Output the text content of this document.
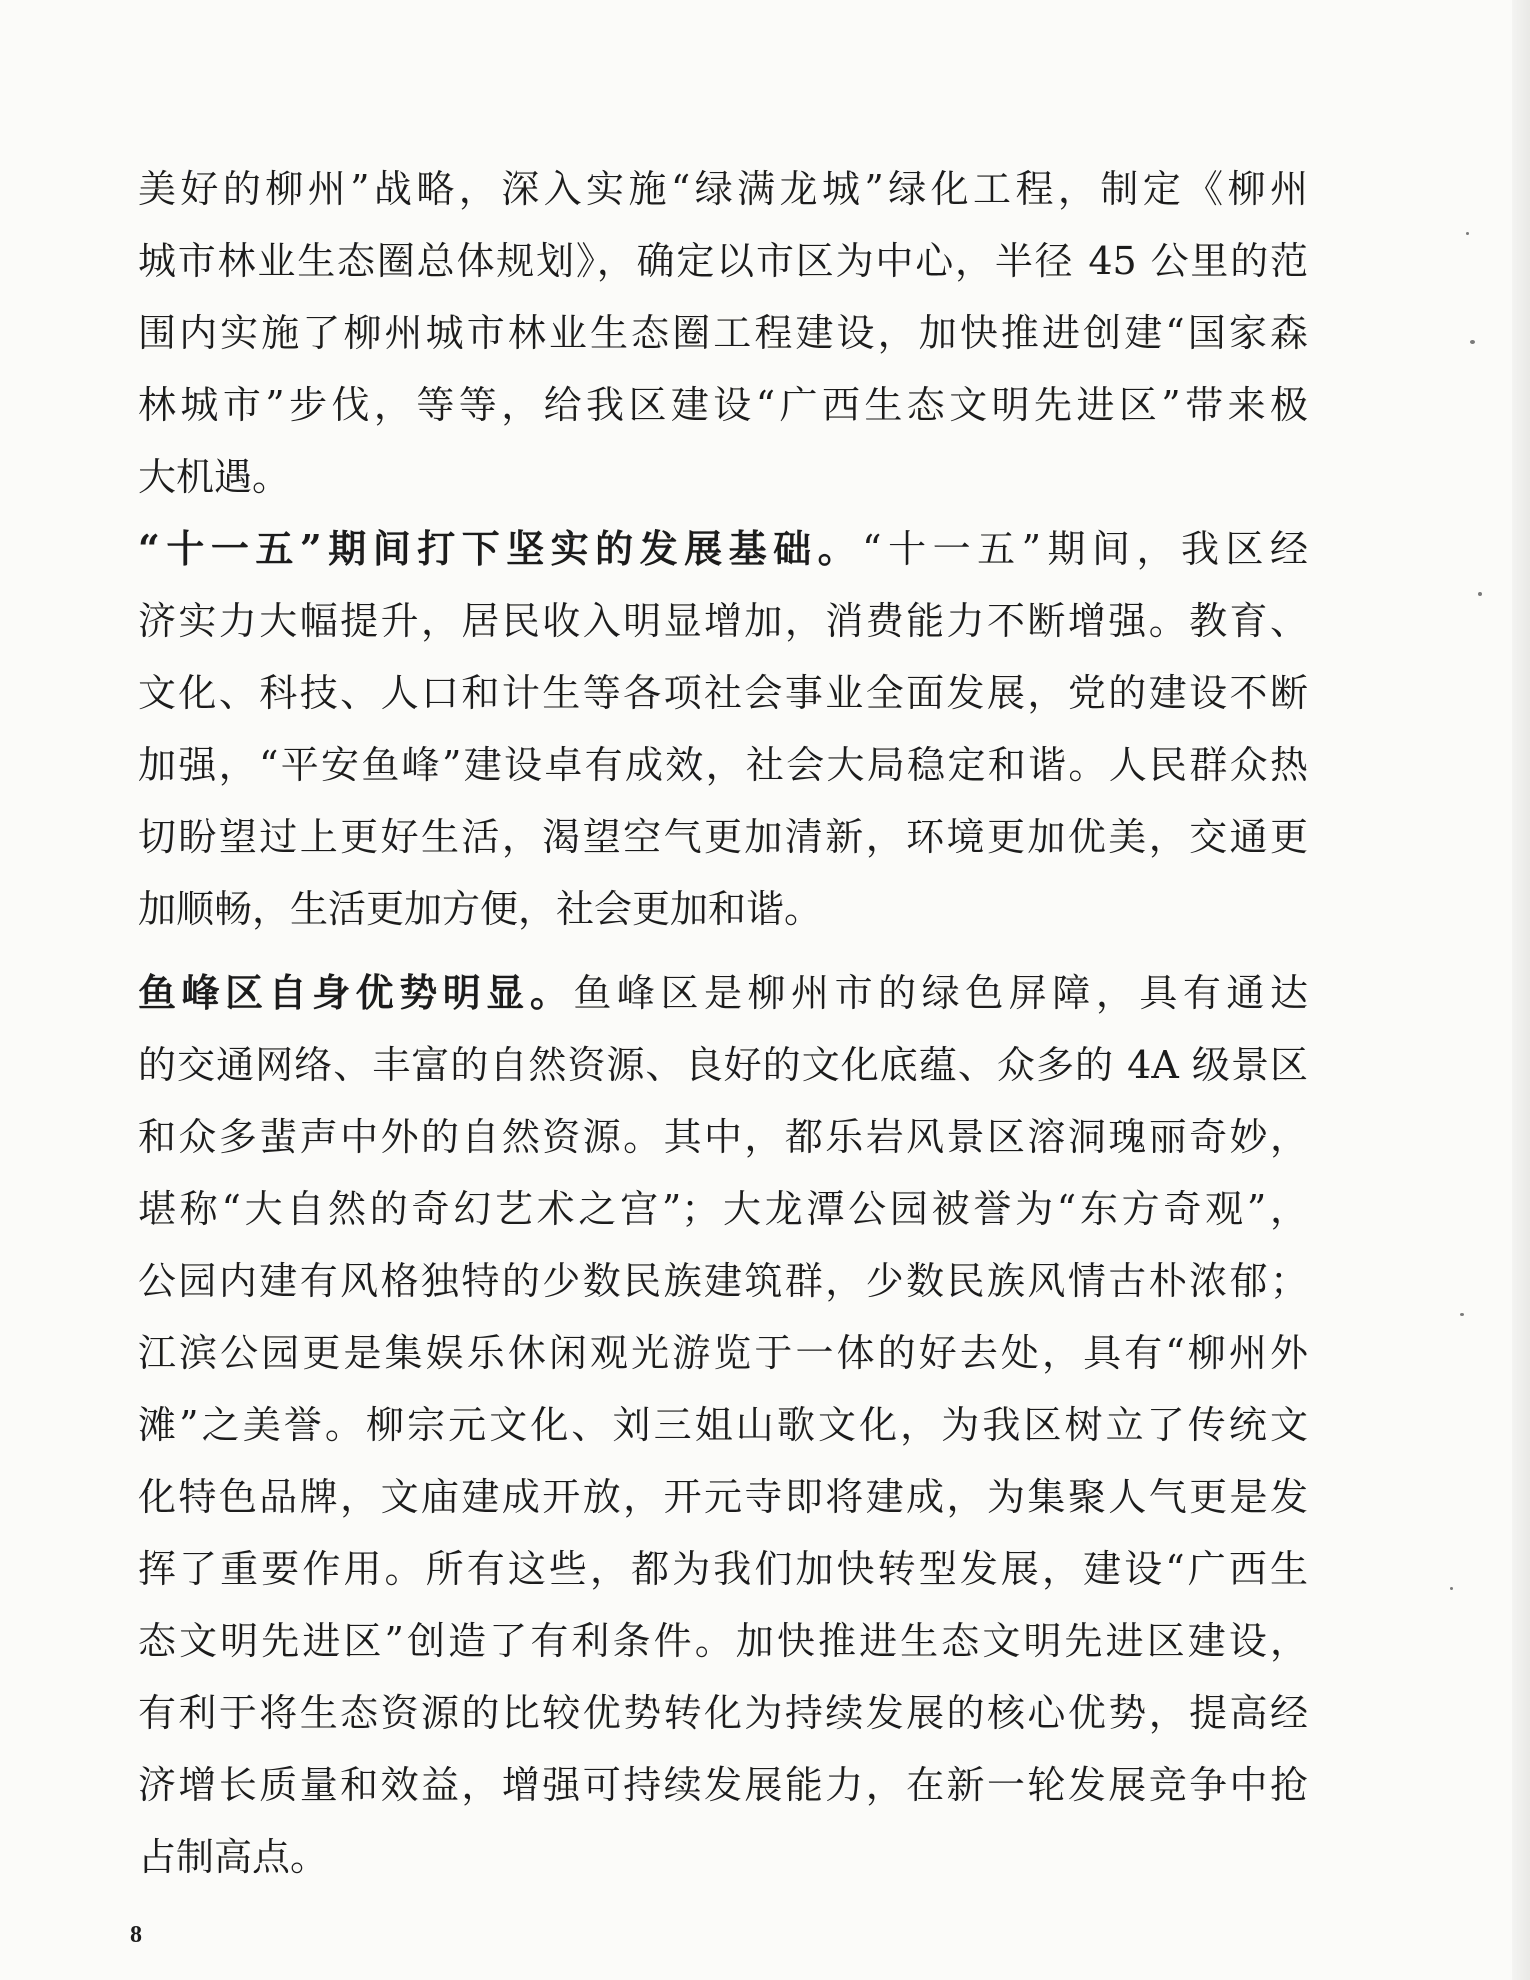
美好的柳州”战略，深入实施“绿满龙城”绿化工程，制定《柳州
城市林业生态圈总体规划》，确定以市区为中心，半径 45 公里的范
围内实施了柳州城市林业生态圈工程建设，加快推进创建“国家森
林城市”步伐，等等，给我区建设“广西生态文明先进区”带来极
大机遇。
“十一五”期间打下坚实的发展基础。“十一五”期间，我区经
济实力大幅提升，居民收入明显增加，消费能力不断增强。教育、
文化、科技、人口和计生等各项社会事业全面发展，党的建设不断
加强，“平安鱼峰”建设卓有成效，社会大局稳定和谐。人民群众热
切盼望过上更好生活，渴望空气更加清新，环境更加优美，交通更
加顺畅，生活更加方便，社会更加和谐。
鱼峰区自身优势明显。鱼峰区是柳州市的绿色屏障，具有通达
的交通网络、丰富的自然资源、良好的文化底蕴、众多的 4A 级景区
和众多蜚声中外的自然资源。其中，都乐岩风景区溶洞瑰丽奇妙，
堪称“大自然的奇幻艺术之宫”；大龙潭公园被誉为“东方奇观”，
公园内建有风格独特的少数民族建筑群，少数民族风情古朴浓郁；
江滨公园更是集娱乐休闲观光游览于一体的好去处，具有“柳州外
滩”之美誉。柳宗元文化、刘三姐山歌文化，为我区树立了传统文
化特色品牌，文庙建成开放，开元寺即将建成，为集聚人气更是发
挥了重要作用。所有这些，都为我们加快转型发展，建设“广西生
态文明先进区”创造了有利条件。加快推进生态文明先进区建设，
有利于将生态资源的比较优势转化为持续发展的核心优势，提高经
济增长质量和效益，增强可持续发展能力，在新一轮发展竞争中抢
占制高点。
8
